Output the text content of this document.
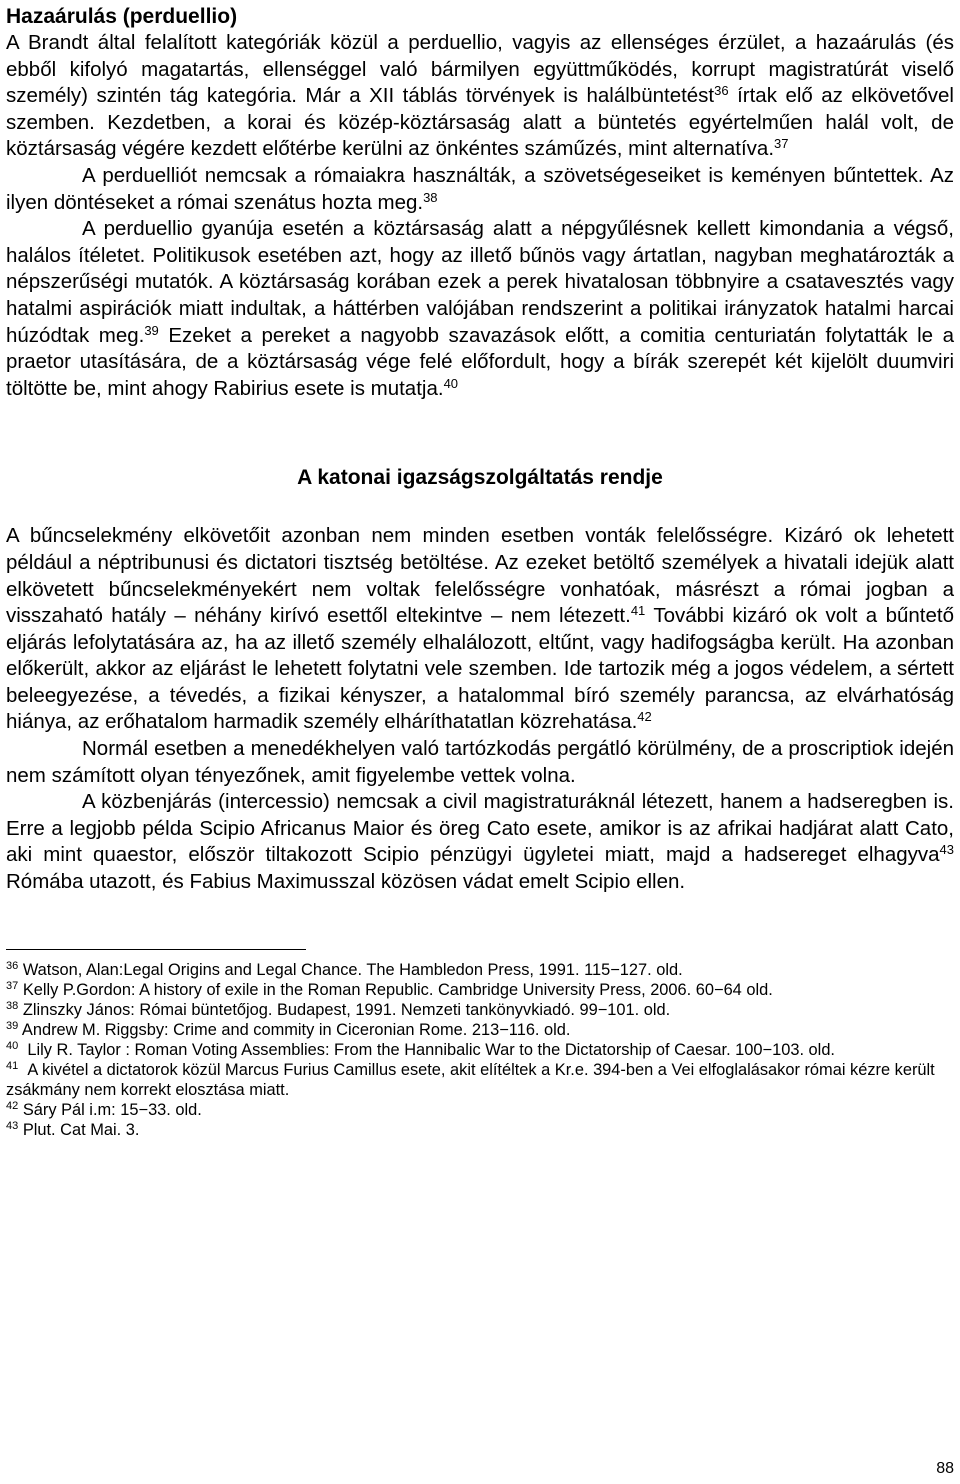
Hazaárulás (perduellio)

A Brandt által felalított kategóriák közül a perduellio, vagyis az ellenséges érzület, a hazaárulás (és ebből kifolyó magatartás, ellenséggel való bármilyen együttműködés, korrupt magistratúrát viselő személy) szintén tág kategória. Már a XII táblás törvények is halálbüntetést$^{36}$ írtak elő az elkövetővel szemben. Kezdetben, a korai és közép-köztársaság alatt a büntetés egyértelműen halál volt, de köztársaság végére kezdett előtérbe kerülni az önkéntes száműzés, mint alternatíva.$^{37}$

A perduelliót nemcsak a rómaiakra használták, a szövetségeseiket is keményen bűntettek. Az ilyen döntéseket a római szenátus hozta meg.$^{38}$

A perduellio gyanúja esetén a köztársaság alatt a népgyűlésnek kellett kimondania a végső, halálos ítéletet. Politikusok esetében azt, hogy az illető bűnös vagy ártatlan, nagyban meghatározták a népszerűségi mutatók. A köztársaság korában ezek a perek hivatalosan többnyire a csatavesztés vagy hatalmi aspirációk miatt indultak, a háttérben valójában rendszerint a politikai irányzatok hatalmi harcai húzódtak meg.$^{39}$ Ezeket a pereket a nagyobb szavazások előtt, a comitia centuriatán folytatták le a praetor utasítására, de a köztársaság vége felé előfordult, hogy a bírák szerepét két kijelölt duumviri töltötte be, mint ahogy Rabirius esete is mutatja.$^{40}$

A katonai igazságszolgáltatás rendje

A bűncselekmény elkövetőit azonban nem minden esetben vonták felelősségre. Kizáró ok lehetett például a néptribunusi és dictatori tisztség betöltése. Az ezeket betöltő személyek a hivatali idejük alatt elkövetett bűncselekményekért nem voltak felelősségre vonhatóak, másrészt a római jogban a visszaható hatály – néhány kirívó esettől eltekintve – nem létezett.$^{41}$ További kizáró ok volt a bűntető eljárás lefolytatására az, ha az illető személy elhalálozott, eltűnt, vagy hadifogságba került. Ha azonban előkerült, akkor az eljárást le lehetett folytatni vele szemben. Ide tartozik még a jogos védelem, a sértett beleegyezése, a tévedés, a fizikai kényszer, a hatalommal bíró személy parancsa, az elvárhatóság hiánya, az erőhatalom harmadik személy elháríthatatlan közrehatása.$^{42}$

Normál esetben a menedékhelyen való tartózkodás pergátló körülmény, de a proscriptiok idején nem számított olyan tényezőnek, amit figyelembe vettek volna.

A közbenjárás (intercessio) nemcsak a civil magistraturáknál létezett, hanem a hadseregben is. Erre a legjobb példa Scipio Africanus Maior és öreg Cato esete, amikor is az afrikai hadjárat alatt Cato, aki mint quaestor, először tiltakozott Scipio pénzügyi ügyletei miatt, majd a hadsereget elhagyva$^{43}$ Rómába utazott, és Fabius Maximusszal közösen vádat emelt Scipio ellen.

$^{36}$ Watson, Alan:Legal Origins and Legal Chance. The Hambledon Press, 1991. 115−127. old.

$^{37}$ Kelly P.Gordon: A history of exile in the Roman Republic. Cambridge University Press, 2006. 60−64 old.

$^{38}$ Zlinszky János: Római büntetőjog. Budapest, 1991. Nemzeti tankönyvkiadó. 99−101. old.

$^{39}$ Andrew M. Riggsby: Crime and commity in Ciceronian Rome. 213−116. old.

$^{40}$ Lily R. Taylor : Roman Voting Assemblies: From the Hannibalic War to the Dictatorship of Caesar. 100−103. old.

$^{41}$ A kivétel a dictatorok közül Marcus Furius Camillus esete, akit elítéltek a Kr.e. 394-ben a Vei elfoglalásakor római kézre került zsákmány nem korrekt elosztása miatt.

$^{42}$ Sáry Pál i.m: 15−33. old.

$^{43}$ Plut. Cat Mai. 3.

88
